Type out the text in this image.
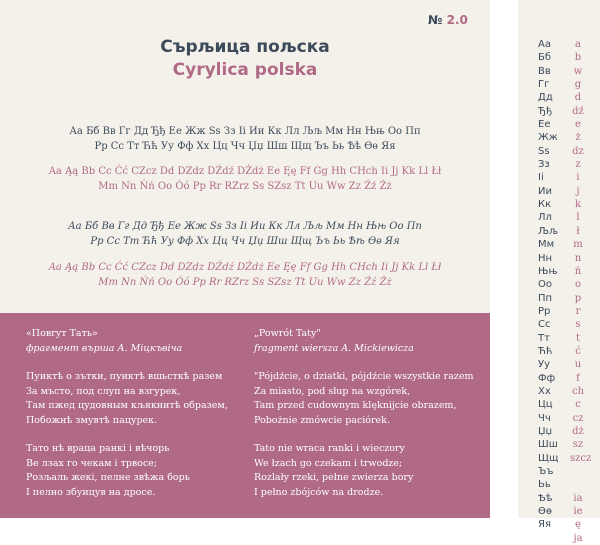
№ 2.0
Сърљица пољска
Cyrylica polska
Аа Бб Вв Гг Дд Ђђ Ее Жж Ѕѕ Зз Іі Ии Кк Лл Љљ Мм Нн Њњ Оо Пп
Рр Сс Тт Ћћ Уу Фф Хх Цц Чч Џџ Шш Щщ Ъъ Ьь Ѣѣ Ѳѳ Яя
Aa Ąą Bb Cc Ćć CZcz Dd DZdz DŹdź DŻdż Ee Ęę Ff Gg Hh CHch Ii Jj Kk Ll Łł
Mm Nn Ńń Oo Óó Pp Rr RZrz Ss SZsz Tt Uu Ww Zz Źź Żż
Аа Бб Вв Гг Дд Ђђ Ее Жж Ѕѕ Зз Іі Ии Кк Лл Љљ Мм Нн Њњ Оо Пп
Рр Сс Тт Ћћ Уу Фф Хх Цц Чч Џџ Шш Щщ Ъъ Ьь Ѣѣ Ѳѳ Яя
Aa Ąą Bb Cc Ćć CZcz Dd DZdz DŹdź DŻdż Ee Ęę Ff Gg Hh CHch Ii Jj Kk Ll Łł
Mm Nn Ńń Oo Óó Pp Rr RZrz Ss SZsz Tt Uu Ww Zz Źź Żż
«Повrут Тать»
фрагмент вършa А. Міцкъвіча
Пуиктѣ о зътки, пуиктѣ вшьсткѣ разем
За мъсто, под слуп на взгурек,
Там пжед цудовным кљякнитѣ образем,
Побожнѣ змувтѣ пацурек.
Тато нѣ враца ранкі і вѣчорь
Ве лзах го чекам і трвосе;
Розљаль жекі, пелне звѣжа борь
І пелно збуицув на дросе.
„Powrót Taty"
fragment wiersza A. Mickiewicza
"Pójdźcie, o dziatki, pójdźcie wszystkie razem
Za miasto, pod słup na wzgórek,
Tam przed cudownym klęknijcie obrazem,
Pobożnie zmówcie paciórek.
Tato nie wraca ranki i wieczory
We łzach go czekam i trwodze;
Rozlały rzeki, pełne zwierza bory
I pełno zbójców na drodze.
Аа
Бб
Вв
Гг
Дд
Ђђ
Ее
Жж
Ѕѕ
Зз
Іі
Ии
Кк
Лл
Љљ
Мм
Нн
Њњ
Оо
Пп
Рр
Сс
Тт
Ћћ
Уу
Фф
Хх
Цц
Чч
Џџ
Шш
Щщ
Ъъ
Ьь
Ѣѣ
Ѳѳ
Яя
a
b
w
g
d
dź
e
ż
dz
z
i
j
k
l
ł
m
n
ń
o
p
r
s
t
ć
u
f
ch
c
cz
dż
sz
szcz

ia
ie
ę
ja
